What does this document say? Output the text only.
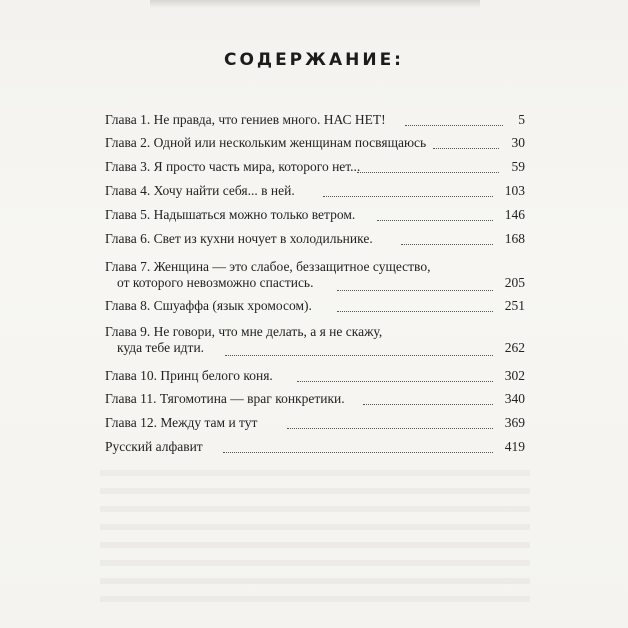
СОДЕРЖАНИЕ:
Глава 1. Не правда, что гениев много. НАС НЕТ!	5
Глава 2. Одной или нескольким женщинам посвящаюсь	30
Глава 3. Я просто часть мира, которого нет...	59
Глава 4. Хочу найти себя... в ней.	103
Глава 5. Надышаться можно только ветром.	146
Глава 6. Свет из кухни ночует в холодильнике.	168
Глава 7. Женщина — это слабое, беззащитное существо,
от которого невозможно спастись.	205
Глава 8. Сшуаффа (язык хромосом).	251
Глава 9. Не говори, что мне делать, а я не скажу,
куда тебе идти.	262
Глава 10. Принц белого коня.	302
Глава 11. Тягомотина — враг конкретики.	340
Глава 12. Между там и тут	369
Русский алфавит	419
